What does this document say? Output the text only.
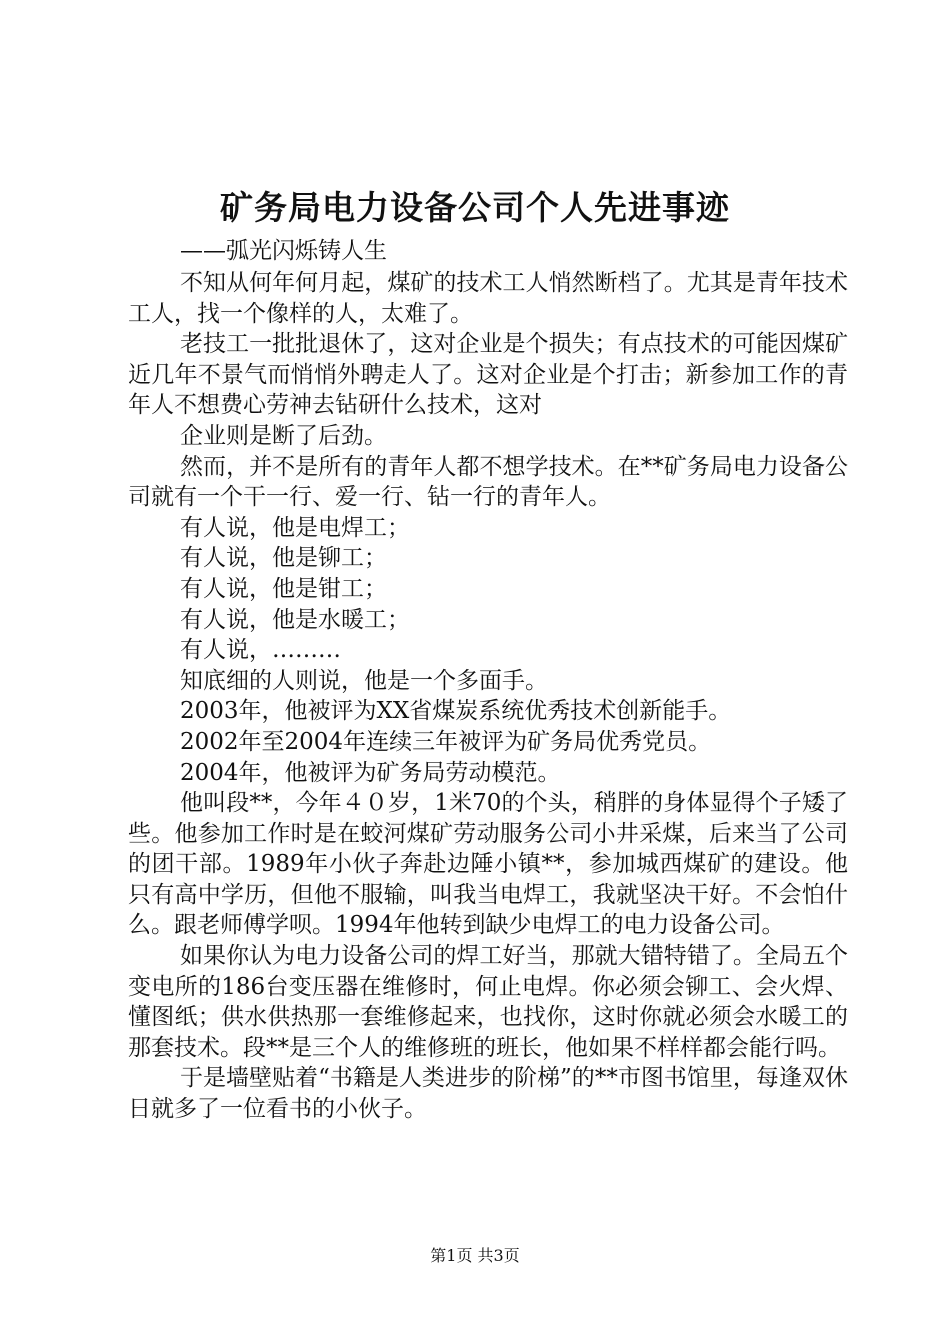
矿务局电力设备公司个人先进事迹
——弧光闪烁铸人生

不知从何年何月起，煤矿的技术工人悄然断档了。尤其是青年技术工人，找一个像样的人，太难了。

老技工一批批退休了，这对企业是个损失；有点技术的可能因煤矿近几年不景气而悄悄外聘走人了。这对企业是个打击；新参加工作的青年人不想费心劳神去钻研什么技术，这对

企业则是断了后劲。

然而，并不是所有的青年人都不想学技术。在**矿务局电力设备公司就有一个干一行、爱一行、钻一行的青年人。

有人说，他是电焊工；

有人说，他是铆工；

有人说，他是钳工；

有人说，他是水暖工；

有人说，………

知底细的人则说，他是一个多面手。

2003年，他被评为XX省煤炭系统优秀技术创新能手。

2002年至2004年连续三年被评为矿务局优秀党员。

2004年，他被评为矿务局劳动模范。

他叫段**，今年４０岁，1米70的个头，稍胖的身体显得个子矮了些。他参加工作时是在蛟河煤矿劳动服务公司小井采煤，后来当了公司的团干部。1989年小伙子奔赴边陲小镇**，参加城西煤矿的建设。他只有高中学历，但他不服输，叫我当电焊工，我就坚决干好。不会怕什么。跟老师傅学呗。1994年他转到缺少电焊工的电力设备公司。

如果你认为电力设备公司的焊工好当，那就大错特错了。全局五个变电所的186台变压器在维修时，何止电焊。你必须会铆工、会火焊、懂图纸；供水供热那一套维修起来，也找你，这时你就必须会水暖工的那套技术。段**是三个人的维修班的班长，他如果不样样都会能行吗。

于是墙壁贴着“书籍是人类进步的阶梯”的**市图书馆里，每逢双休日就多了一位看书的小伙子。

第1页 共3页
